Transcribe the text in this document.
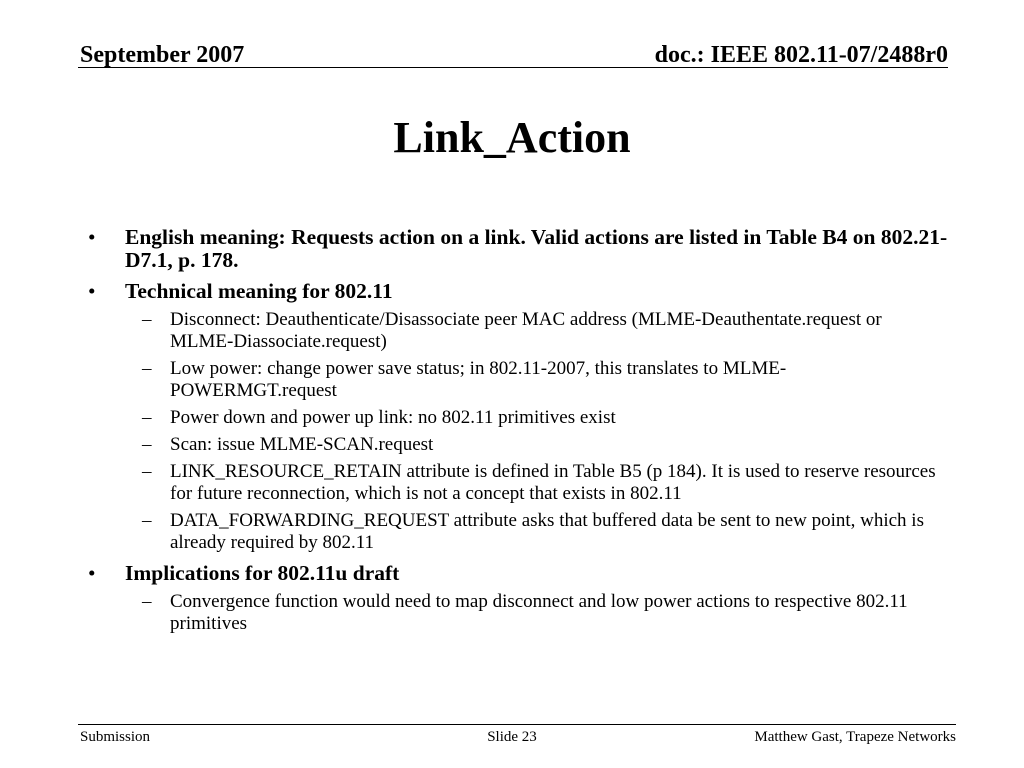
September 2007	doc.: IEEE 802.11-07/2488r0
Link_Action
• English meaning: Requests action on a link. Valid actions are listed in Table B4 on 802.21-D7.1, p. 178.
• Technical meaning for 802.11
– Disconnect: Deauthenticate/Disassociate peer MAC address (MLME-Deauthentate.request or MLME-Diassociate.request)
– Low power: change power save status; in 802.11-2007, this translates to MLME-POWERMGT.request
– Power down and power up link: no 802.11 primitives exist
– Scan: issue MLME-SCAN.request
– LINK_RESOURCE_RETAIN attribute is defined in Table B5 (p 184). It is used to reserve resources for future reconnection, which is not a concept that exists in 802.11
– DATA_FORWARDING_REQUEST attribute asks that buffered data be sent to new point, which is already required by 802.11
• Implications for 802.11u draft
– Convergence function would need to map disconnect and low power actions to respective 802.11 primitives
Submission	Slide 23	Matthew Gast, Trapeze Networks
